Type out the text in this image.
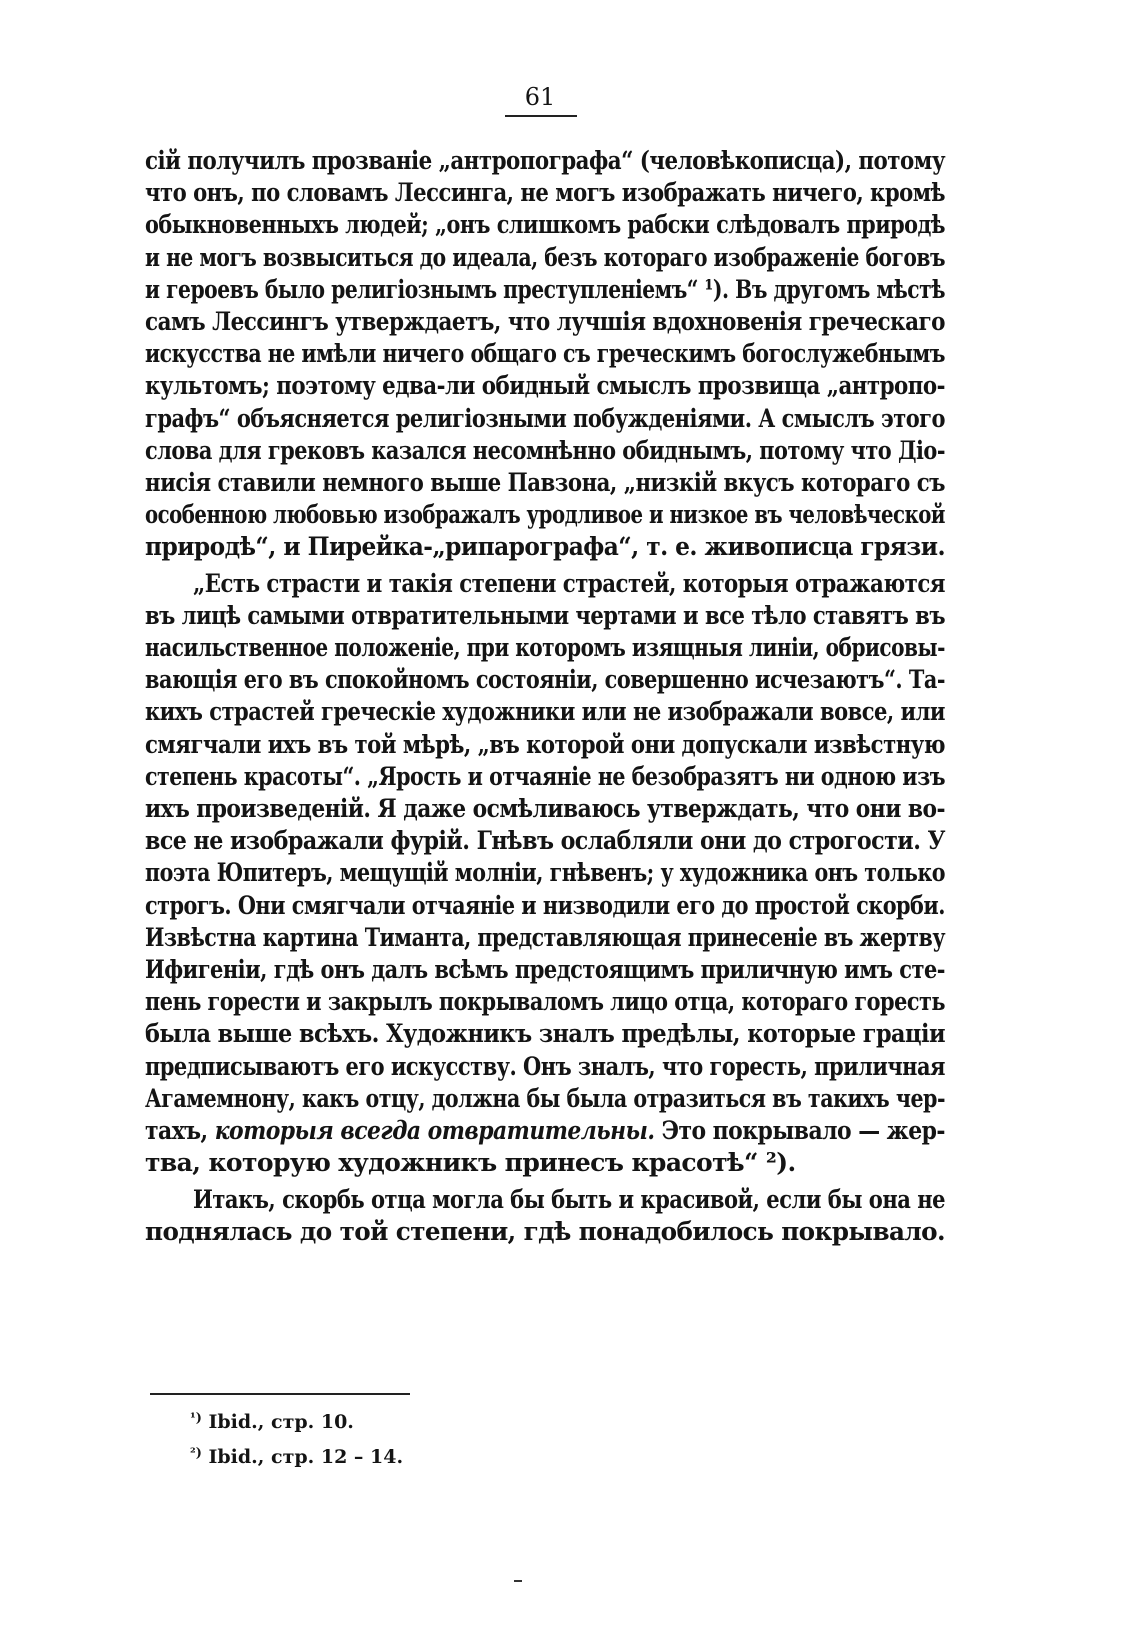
61
сій получилъ прозваніе „антропографа“ (человѣкописца), потому
что онъ, по словамъ Лессинга, не могъ изображать ничего, кромѣ
обыкновенныхъ людей; „онъ слишкомъ рабски слѣдовалъ природѣ
и не могъ возвыситься до идеала, безъ котораго изображеніе боговъ
и героевъ было религіознымъ преступленіемъ“ ¹). Въ другомъ мѣстѣ
самъ Лессингъ утверждаетъ, что лучшія вдохновенія греческаго
искусства не имѣли ничего общаго съ греческимъ богослужебнымъ
культомъ; поэтому едва-ли обидный смыслъ прозвища „антропо-
графъ“ объясняется религіозными побужденіями. А смыслъ этого
слова для грековъ казался несомнѣнно обиднымъ, потому что Діо-
нисія ставили немного выше Павзона, „низкій вкусъ котораго съ
особенною любовью изображалъ уродливое и низкое въ человѣческой
природѣ“, и Пирейка-„рипарографа“, т. е. живописца грязи.
„Есть страсти и такія степени страстей, которыя отражаются
въ лицѣ самыми отвратительными чертами и все тѣло ставятъ въ
насильственное положеніе, при которомъ изящныя линіи, обрисовы-
вающія его въ спокойномъ состояніи, совершенно исчезаютъ“. Та-
кихъ страстей греческіе художники или не изображали вовсе, или
смягчали ихъ въ той мѣрѣ, „въ которой они допускали извѣстную
степень красоты“. „Ярость и отчаяніе не безобразятъ ни одною изъ
ихъ произведеній. Я даже осмѣливаюсь утверждать, что они во-
все не изображали фурій. Гнѣвъ ослабляли они до строгости. У
поэта Юпитеръ, мещущій молніи, гнѣвенъ; у художника онъ только
строгъ. Они смягчали отчаяніе и низводили его до простой скорби.
Извѣстна картина Тиманта, представляющая принесеніе въ жертву
Ифигеніи, гдѣ онъ далъ всѣмъ предстоящимъ приличную имъ сте-
пень горести и закрылъ покрываломъ лицо отца, котораго горесть
была выше всѣхъ. Художникъ зналъ предѣлы, которые граціи
предписываютъ его искусству. Онъ зналъ, что горесть, приличная
Агамемнону, какъ отцу, должна бы была отразиться въ такихъ чер-
тахъ, которыя всегда отвратительны. Это покрывало — жер-
тва, которую художникъ принесъ красотѣ“ ²).
Итакъ, скорбь отца могла бы быть и красивой, если бы она не
поднялась до той степени, гдѣ понадобилось покрывало.
$^{^1)}$ Ibid., стр. 10.
$^{^2)}$ Ibid., стр. 12 – 14.
